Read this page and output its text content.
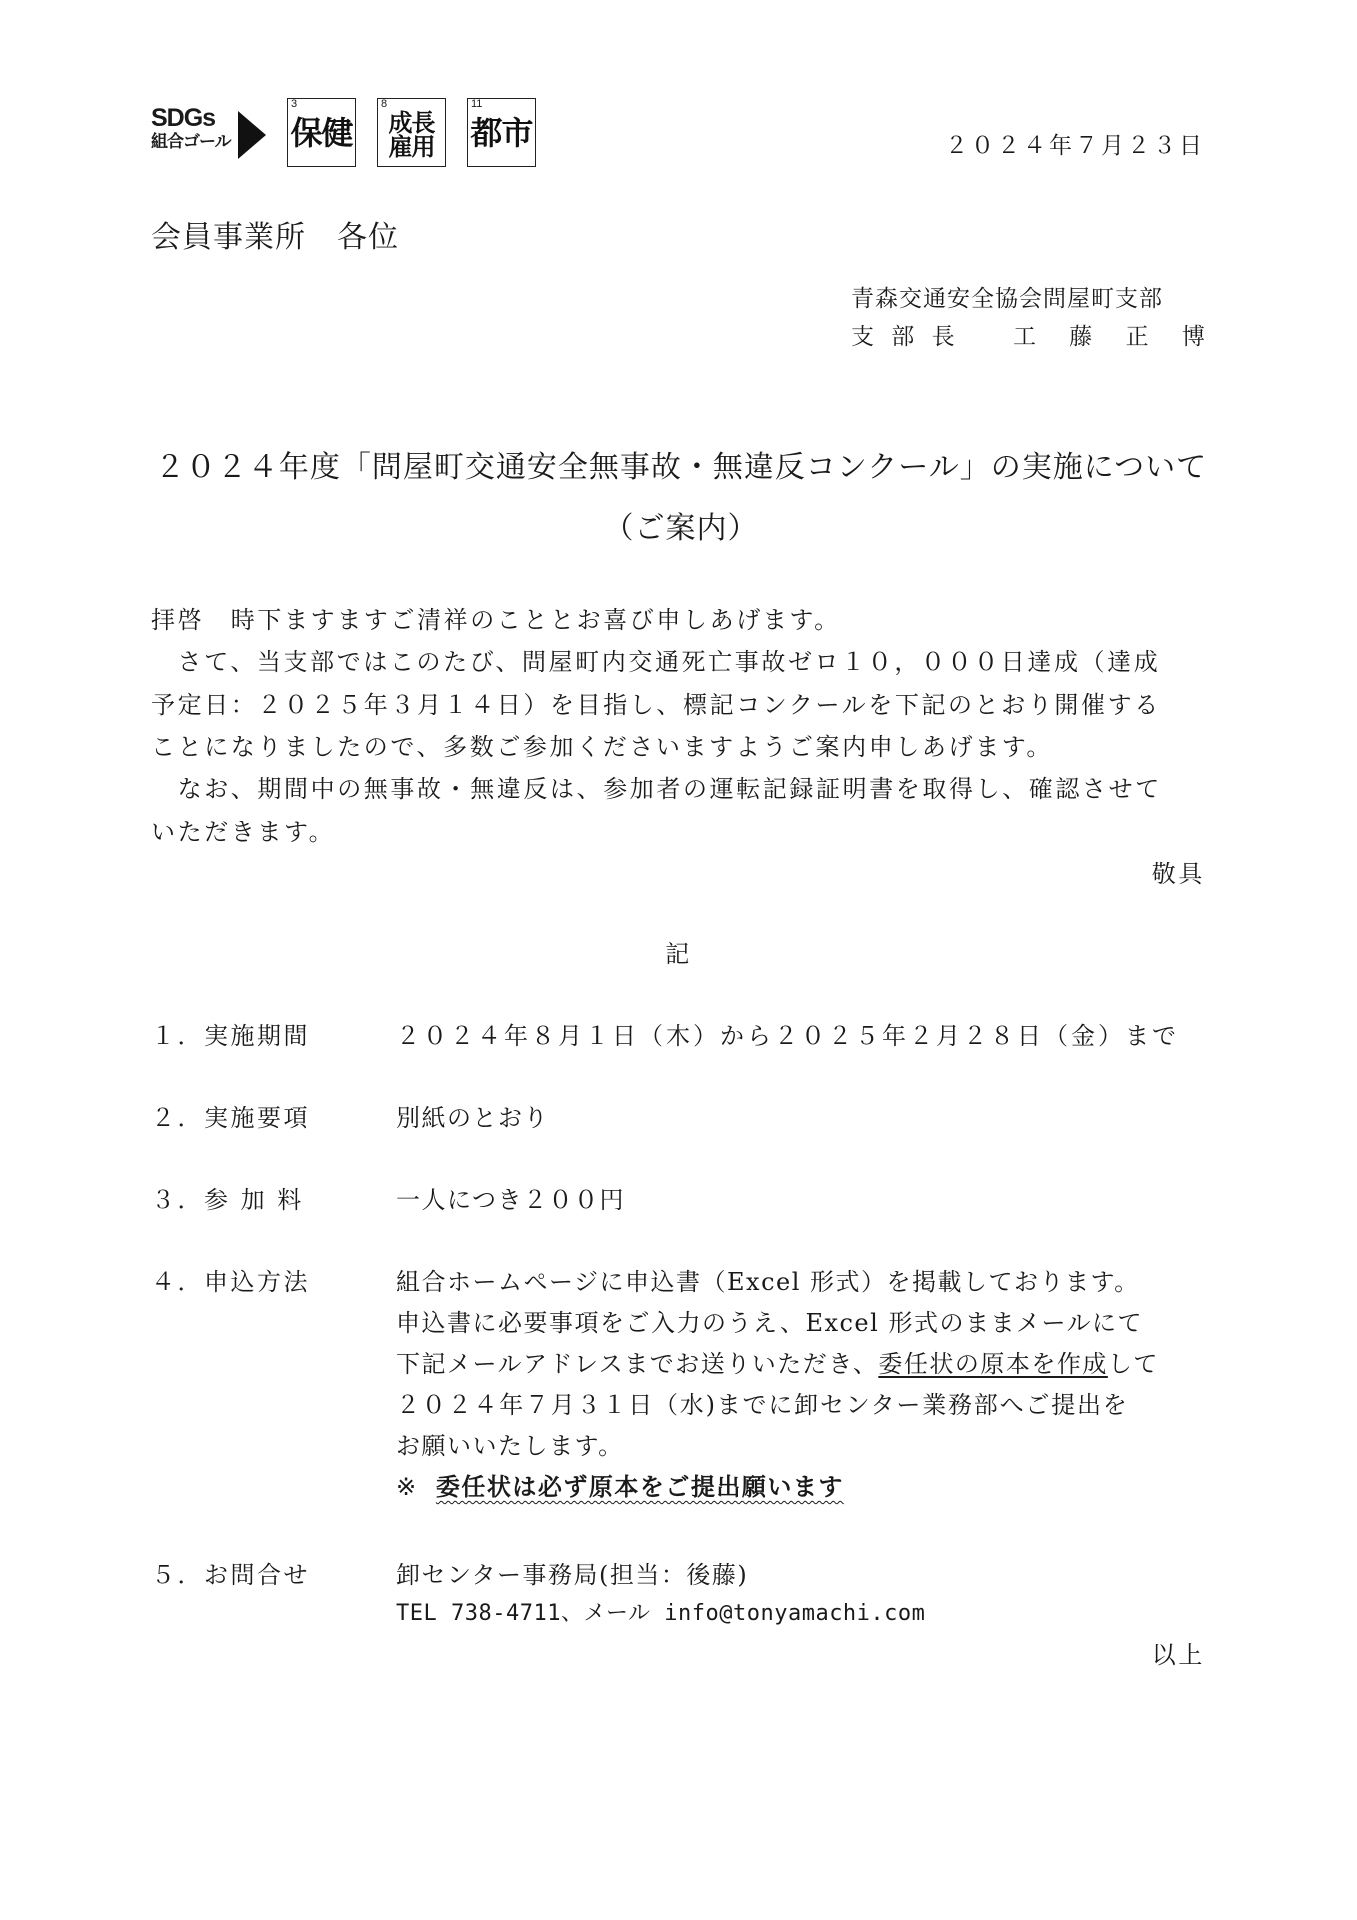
SDGs
組合ゴール
3
保健
8
成長
雇用
11
都市	２０２４年７月２３日
会員事業所　各位
青森交通安全協会問屋町支部
支 部 長 工 藤 正 博
２０２４年度「問屋町交通安全無事故・無違反コンクール」の実施について
（ご案内）
拝啓　時下ますますご清祥のこととお喜び申しあげます。
　さて、当支部ではこのたび、問屋町内交通死亡事故ゼロ１０，０００日達成（達成
予定日：２０２５年３月１４日）を目指し、標記コンクールを下記のとおり開催する
ことになりましたので、多数ご参加くださいますようご案内申しあげます。
　なお、期間中の無事故・無違反は、参加者の運転記録証明書を取得し、確認させて
いただきます。
敬具
記
１．実施期間	２０２４年８月１日（木）から２０２５年２月２８日（金）まで
２．実施要項	別紙のとおり
３．参 加 料	一人につき２００円
４．申込方法	組合ホームページに申込書（Excel 形式）を掲載しております。
申込書に必要事項をご入力のうえ、Excel 形式のままメールにて
下記メールアドレスまでお送りいただき、委任状の原本を作成して
２０２４年７月３１日（水)までに卸センター業務部へご提出を
お願いいたします。
※ 委任状は必ず原本をご提出願います
５．お問合せ	卸センター事務局(担当：後藤)
TEL 738-4711、メール info@tonyamachi.com
以上
